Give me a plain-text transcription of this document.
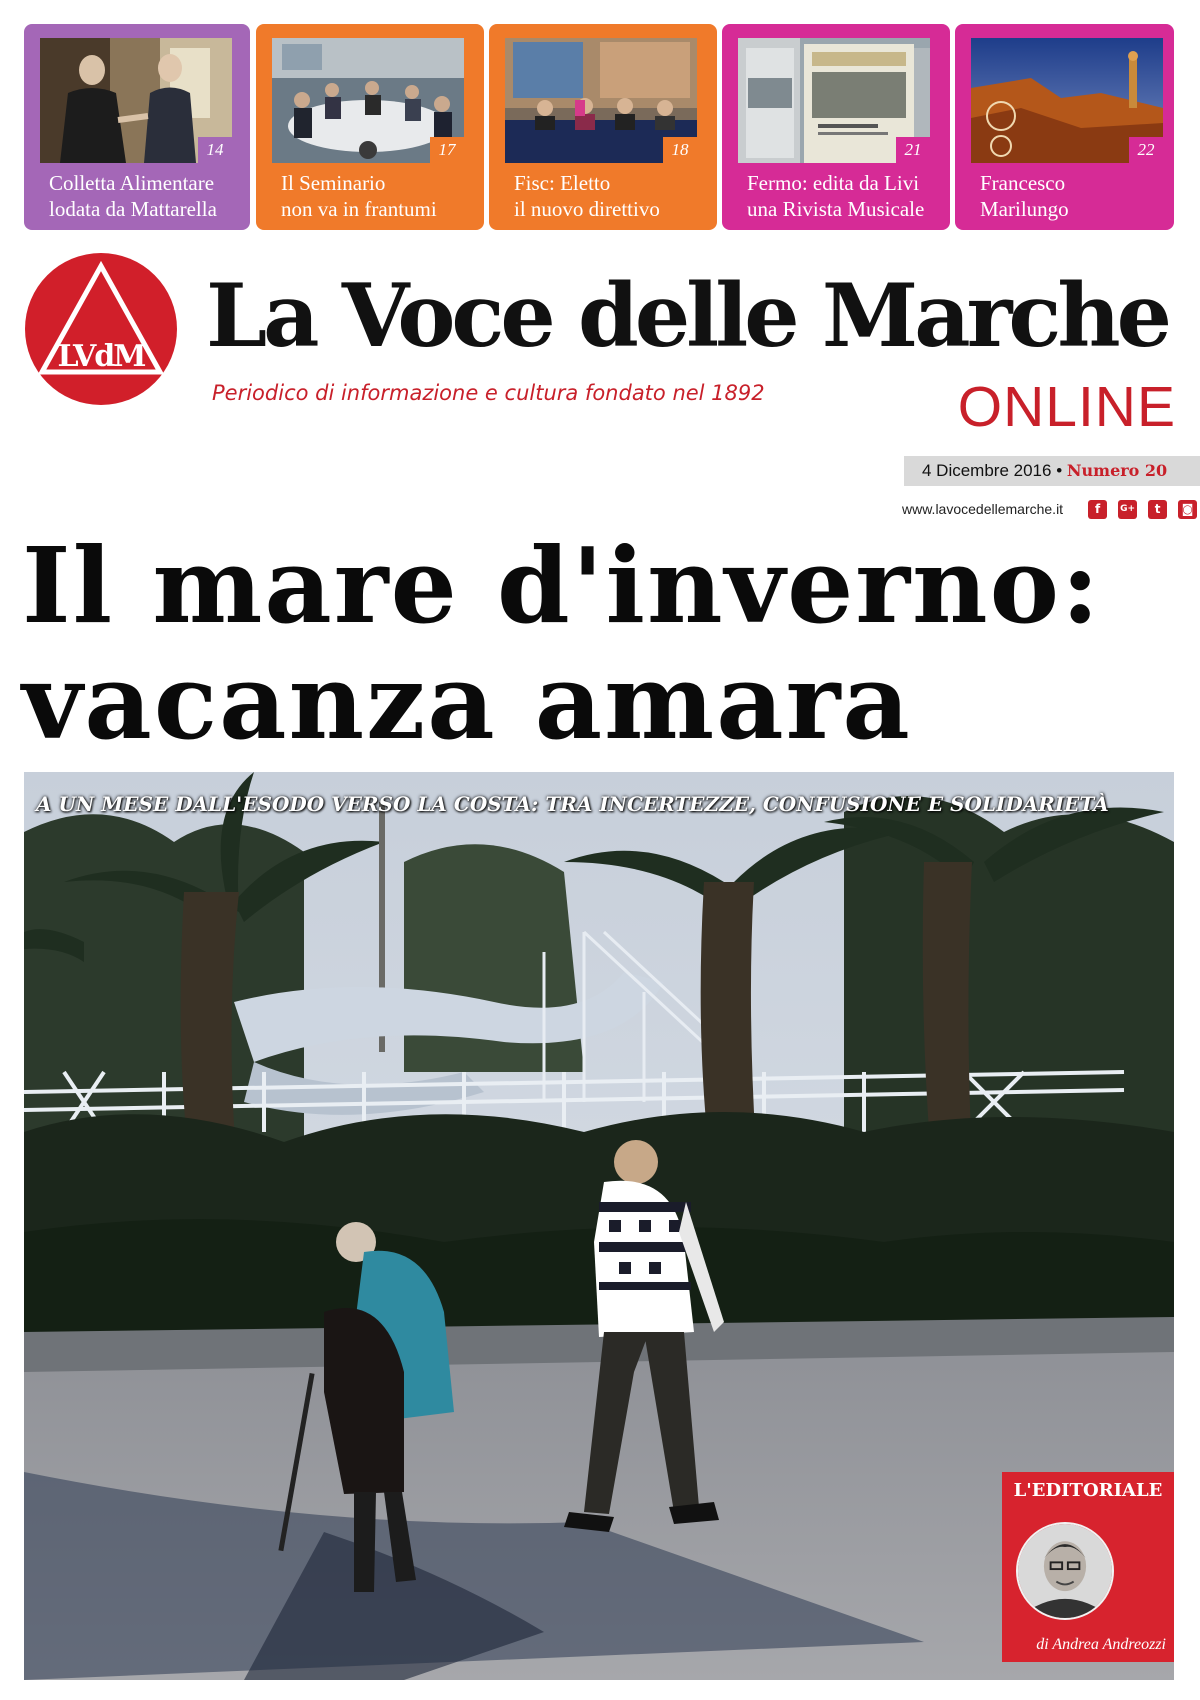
14
Colletta Alimentare
lodata da Mattarella
17
Il Seminario
non va in frantumi
18
Fisc: Eletto
il nuovo direttivo
21
Fermo: edita da Livi
una Rivista Musicale
22
Francesco
Marilungo
LVdM La Voce delle Marche
Periodico di informazione e cultura fondato nel 1892	ONLINE
4 Dicembre 2016 • Numero 20
www.lavocedellemarche.it	f	G+	t	◙
Il mare d'inverno:
vacanza amara
A UN MESE DALL'ESODO VERSO LA COSTA: TRA INCERTEZZE, CONFUSIONE E SOLIDARIETÀ
L'EDITORIALE
di Andrea Andreozzi
